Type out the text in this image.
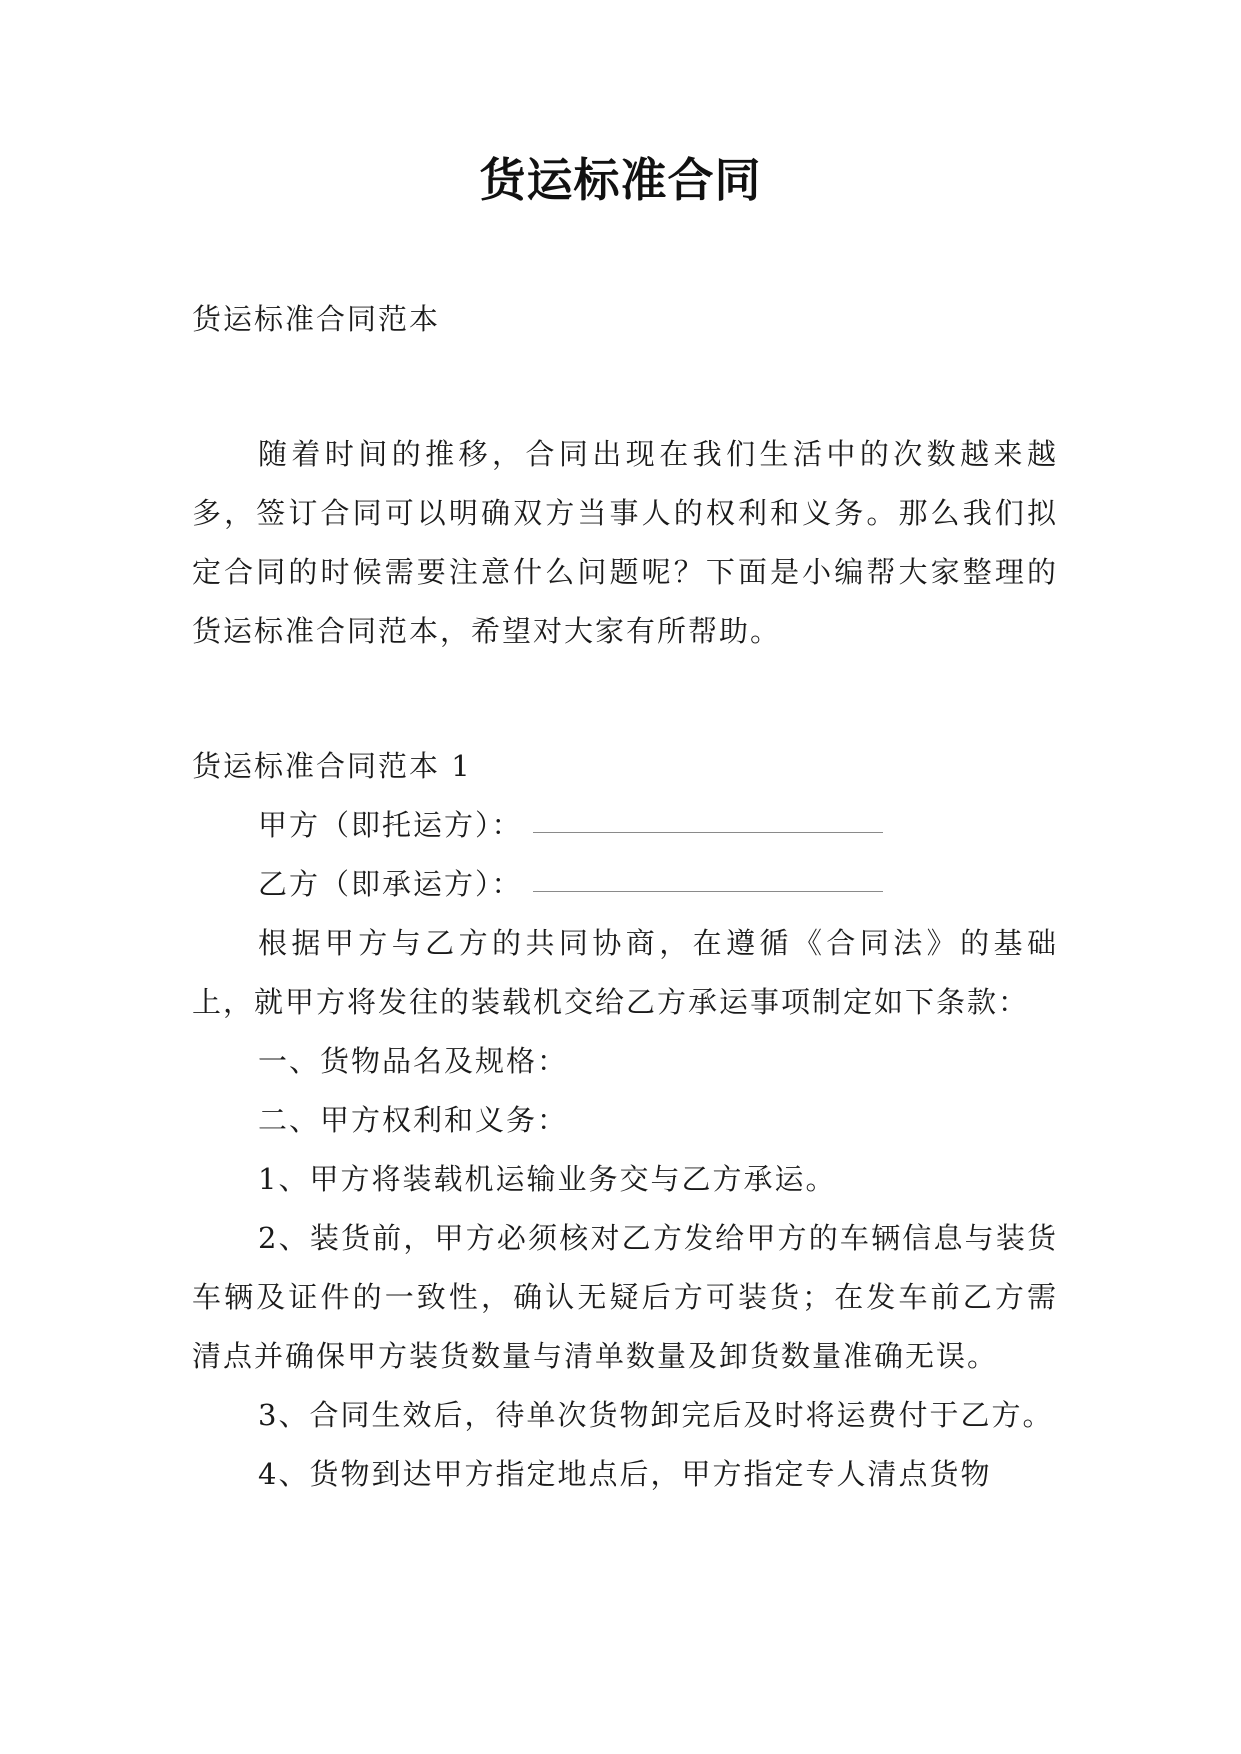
货运标准合同

货运标准合同范本

随着时间的推移，合同出现在我们生活中的次数越来越多，签订合同可以明确双方当事人的权利和义务。那么我们拟定合同的时候需要注意什么问题呢？下面是小编帮大家整理的货运标准合同范本，希望对大家有所帮助。

货运标准合同范本 1

甲方（即托运方）：

乙方（即承运方）：

根据甲方与乙方的共同协商，在遵循《合同法》的基础上，就甲方将发往的装载机交给乙方承运事项制定如下条款：

一、货物品名及规格：

二、甲方权利和义务：

1、甲方将装载机运输业务交与乙方承运。

2、装货前，甲方必须核对乙方发给甲方的车辆信息与装货车辆及证件的一致性，确认无疑后方可装货；在发车前乙方需清点并确保甲方装货数量与清单数量及卸货数量准确无误。

3、合同生效后，待单次货物卸完后及时将运费付于乙方。

4、货物到达甲方指定地点后，甲方指定专人清点货物
